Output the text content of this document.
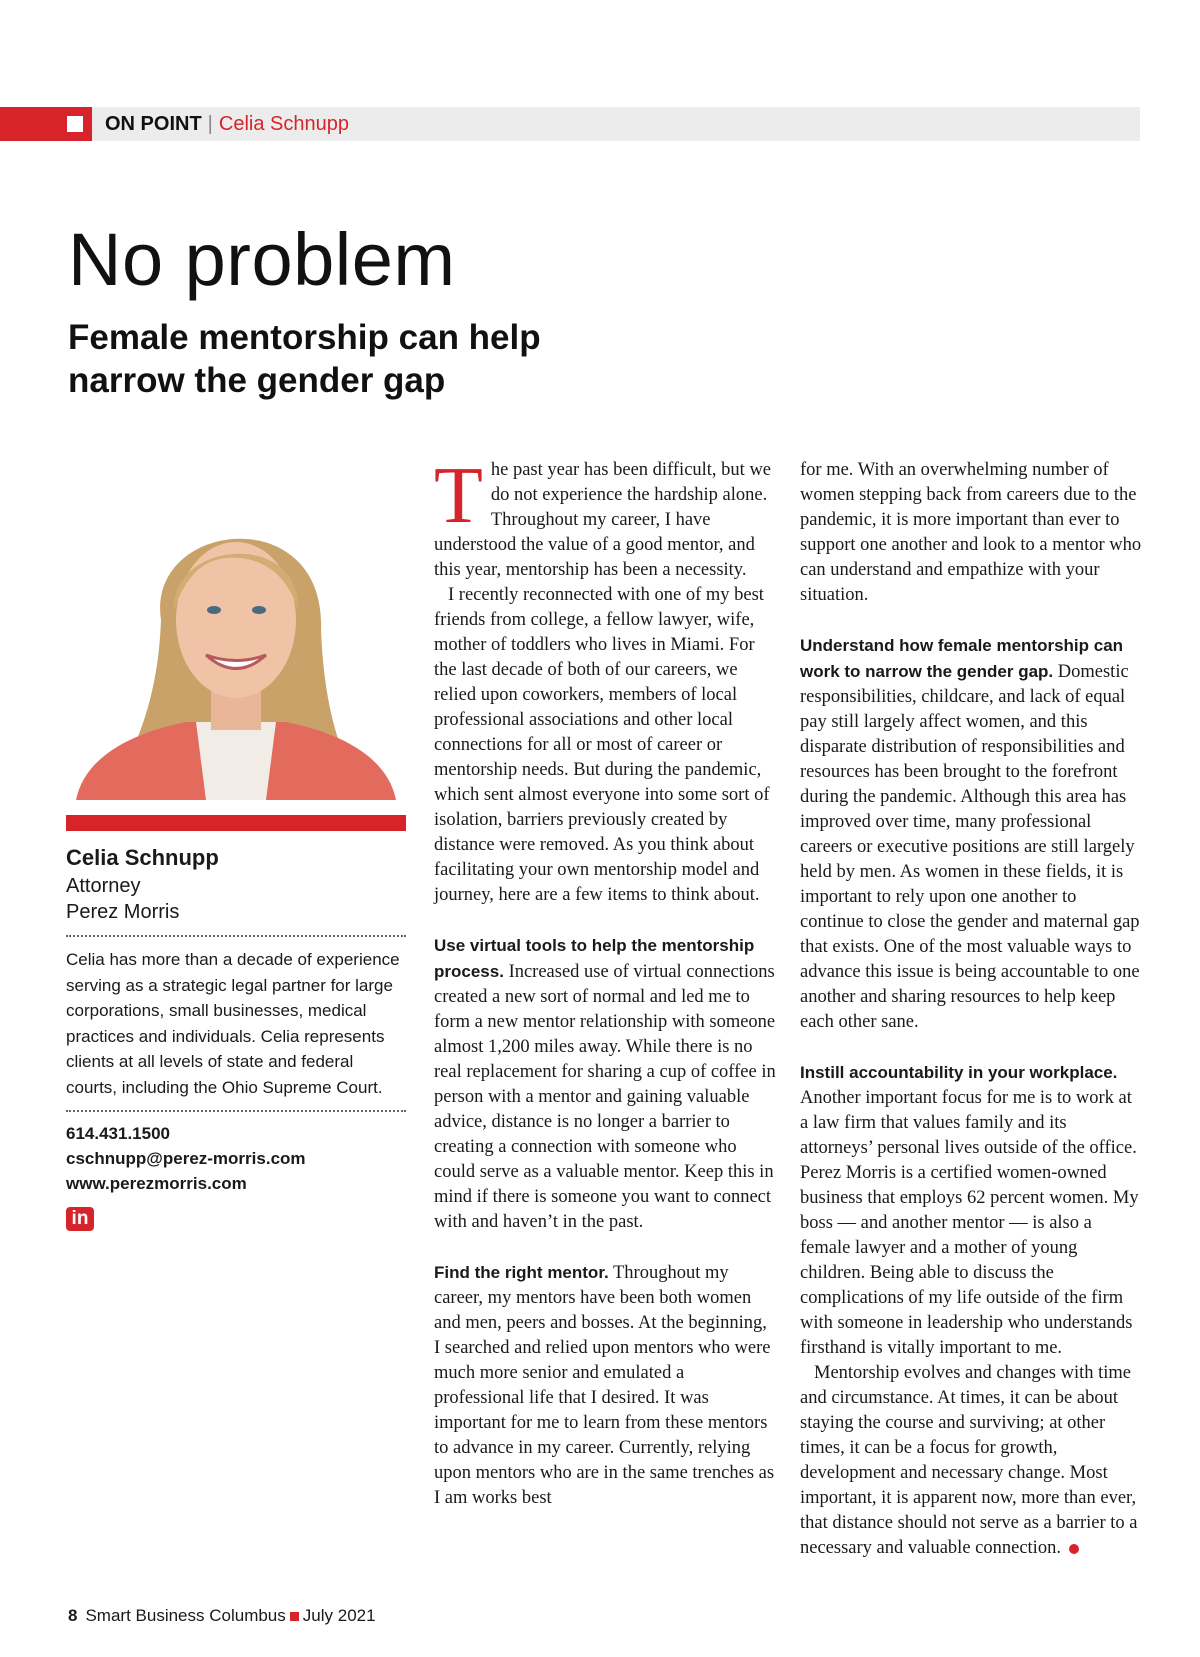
ON POINT | Celia Schnupp
No problem
Female mentorship can help narrow the gender gap
Celia Schnupp
Attorney
Perez Morris
Celia has more than a decade of experience serving as a strategic legal partner for large corporations, small businesses, medical practices and individuals. Celia represents clients at all levels of state and federal courts, including the Ohio Supreme Court.
614.431.1500
cschnupp@perez-morris.com
www.perezmorris.com
in

The past year has been difficult, but we do not experience the hardship alone. Throughout my career, I have understood the value of a good mentor, and this year, mentorship has been a necessity.

I recently reconnected with one of my best friends from college, a fellow lawyer, wife, mother of toddlers who lives in Miami. For the last decade of both of our careers, we relied upon coworkers, members of local professional associations and other local connections for all or most of career or mentorship needs. But during the pandemic, which sent almost everyone into some sort of isolation, barriers previously created by distance were removed. As you think about facilitating your own mentorship model and journey, here are a few items to think about.

Use virtual tools to help the mentorship process. Increased use of virtual connections created a new sort of normal and led me to form a new mentor relationship with someone almost 1,200 miles away. While there is no real replacement for sharing a cup of coffee in person with a mentor and gaining valuable advice, distance is no longer a barrier to creating a connection with someone who could serve as a valuable mentor. Keep this in mind if there is someone you want to connect with and haven’t in the past.

Find the right mentor. Throughout my career, my mentors have been both women and men, peers and bosses. At the beginning, I searched and relied upon mentors who were much more senior and emulated a professional life that I desired. It was important for me to learn from these mentors to advance in my career. Currently, relying upon mentors who are in the same trenches as I am works best

for me. With an overwhelming number of women stepping back from careers due to the pandemic, it is more important than ever to support one another and look to a mentor who can understand and empathize with your situation.

Understand how female mentorship can work to narrow the gender gap. Domestic responsibilities, childcare, and lack of equal pay still largely affect women, and this disparate distribution of responsibilities and resources has been brought to the forefront during the pandemic. Although this area has improved over time, many professional careers or executive positions are still largely held by men. As women in these fields, it is important to rely upon one another to continue to close the gender and maternal gap that exists. One of the most valuable ways to advance this issue is being accountable to one another and sharing resources to help keep each other sane.

Instill accountability in your workplace. Another important focus for me is to work at a law firm that values family and its attorneys’ personal lives outside of the office. Perez Morris is a certified women-owned business that employs 62 percent women. My boss — and another mentor — is also a female lawyer and a mother of young children. Being able to discuss the complications of my life outside of the firm with someone in leadership who understands firsthand is vitally important to me.

Mentorship evolves and changes with time and circumstance. At times, it can be about staying the course and surviving; at other times, it can be a focus for growth, development and necessary change. Most important, it is apparent now, more than ever, that distance should not serve as a barrier to a necessary and valuable connection.

8 Smart Business Columbus July 2021
